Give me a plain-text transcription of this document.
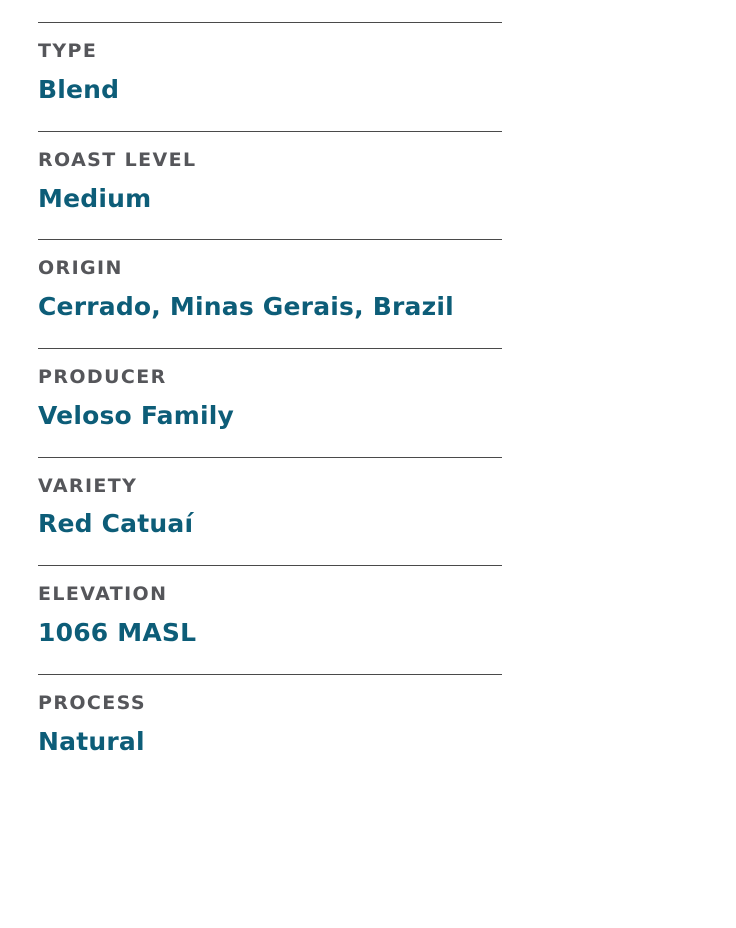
TYPE
Blend
ROAST LEVEL
Medium
ORIGIN
Cerrado, Minas Gerais, Brazil
PRODUCER
Veloso Family
VARIETY
Red Catuaí
ELEVATION
1066 MASL
PROCESS
Natural
